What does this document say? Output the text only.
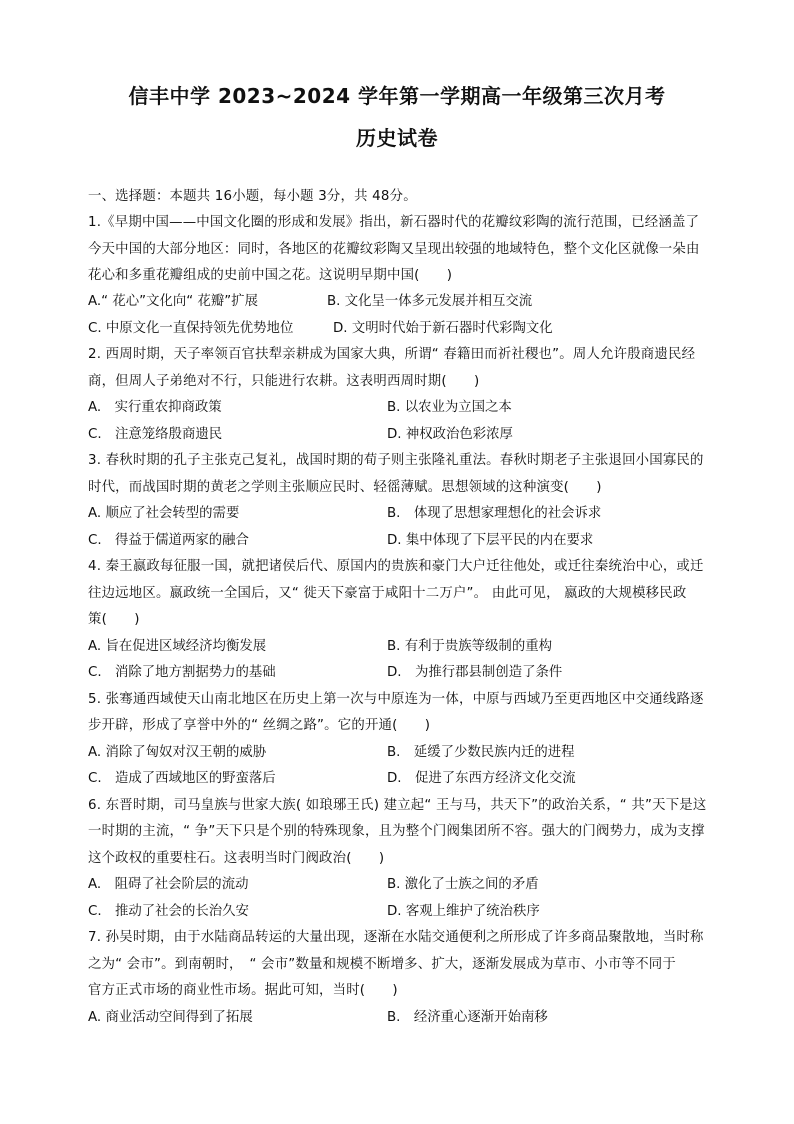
信丰中学 2023~2024 学年第一学期高一年级第三次月考
历史试卷
一、选择题：本题共 16小题，每小题 3分，共 48分。
1.《早期中国——中国文化圈的形成和发展》指出，新石器时代的花瓣纹彩陶的流行范围，已经涵盖了
今天中国的大部分地区：同时，各地区的花瓣纹彩陶又呈现出较强的地域特色，整个文化区就像一朵由
花心和多重花瓣组成的史前中国之花。这说明早期中国(　　)
A.“ 花心”文化向“ 花瓣”扩展	B. 文化呈一体多元发展并相互交流
C. 中原文化一直保持领先优势地位	D. 文明时代始于新石器时代彩陶文化
2. 西周时期，天子率领百官扶犁亲耕成为国家大典，所谓“ 春籍田而祈社稷也”。周人允许殷商遗民经
商，但周人子弟绝对不行，只能进行农耕。这表明西周时期(　　)
A.　实行重农抑商政策	B. 以农业为立国之本
C.　注意笼络殷商遗民	D. 神权政治色彩浓厚
3. 春秋时期的孔子主张克己复礼，战国时期的荀子则主张隆礼重法。春秋时期老子主张退回小国寡民的
时代，而战国时期的黄老之学则主张顺应民时、轻徭薄赋。思想领域的这种演变(　　)
A. 顺应了社会转型的需要	B.　体现了思想家理想化的社会诉求
C.　得益于儒道两家的融合	D. 集中体现了下层平民的内在要求
4. 秦王嬴政每征服一国，就把诸侯后代、原国内的贵族和豪门大户迁往他处，或迁往秦统治中心，或迁
往边远地区。嬴政统一全国后，又“ 徙天下豪富于咸阳十二万户”。 由此可见， 嬴政的大规模移民政
策(　　)
A. 旨在促进区域经济均衡发展	B. 有利于贵族等级制的重构
C.　消除了地方割据势力的基础	D.　为推行郡县制创造了条件
5. 张骞通西域使天山南北地区在历史上第一次与中原连为一体，中原与西域乃至更西地区中交通线路逐
步开辟，形成了享誉中外的“ 丝绸之路”。它的开通(　　)
A. 消除了匈奴对汉王朝的威胁	B.　延缓了少数民族内迁的进程
C.　造成了西域地区的野蛮落后	D.　促进了东西方经济文化交流
6. 东晋时期，司马皇族与世家大族( 如琅琊王氏) 建立起“ 王与马，共天下”的政治关系，“ 共”天下是这
一时期的主流，“ 争”天下只是个别的特殊现象，且为整个门阀集团所不容。强大的门阀势力，成为支撑
这个政权的重要柱石。这表明当时门阀政治(　　)
A.　阻碍了社会阶层的流动	B. 激化了士族之间的矛盾
C.　推动了社会的长治久安	D. 客观上维护了统治秩序
7. 孙吴时期，由于水陆商品转运的大量出现，逐渐在水陆交通便利之所形成了许多商品聚散地，当时称
之为“ 会市”。到南朝时，　“ 会市”数量和规模不断增多、扩大，逐渐发展成为草市、小市等不同于
官方正式市场的商业性市场。据此可知，当时(　　)
A. 商业活动空间得到了拓展	B.　经济重心逐渐开始南移
